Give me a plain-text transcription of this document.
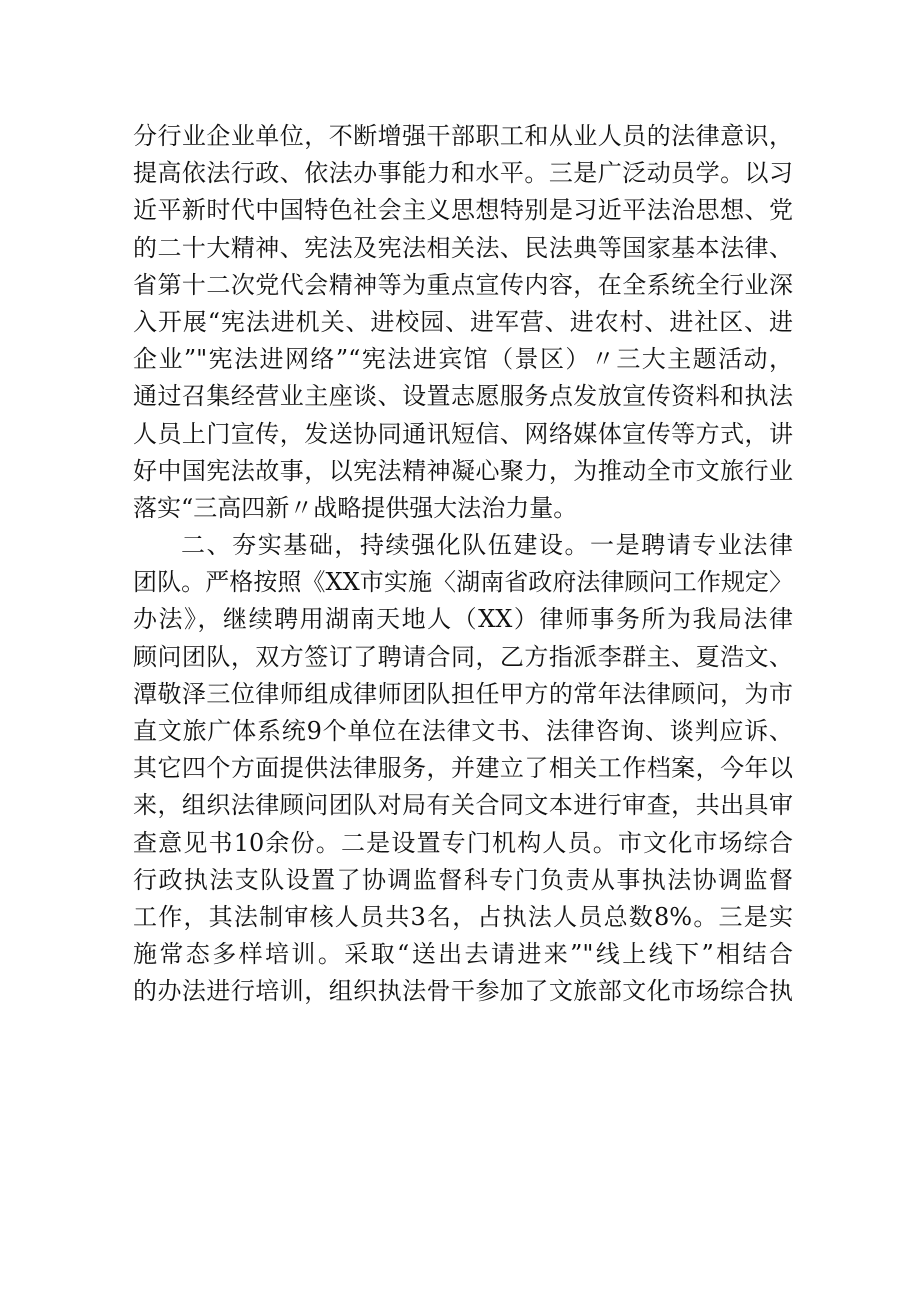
分行业企业单位，不断增强干部职工和从业人员的法律意识，
提高依法行政、依法办事能力和水平。三是广泛动员学。以习
近平新时代中国特色社会主义思想特别是习近平法治思想、党
的二十大精神、宪法及宪法相关法、民法典等国家基本法律、
省第十二次党代会精神等为重点宣传内容，在全系统全行业深
入开展“宪法进机关、进校园、进军营、进农村、进社区、进
企业”"宪法进网络”“宪法进宾馆（景区）〃三大主题活动，
通过召集经营业主座谈、设置志愿服务点发放宣传资料和执法
人员上门宣传，发送协同通讯短信、网络媒体宣传等方式，讲
好中国宪法故事，以宪法精神凝心聚力，为推动全市文旅行业
落实“三高四新〃战略提供强大法治力量。
二、夯实基础，持续强化队伍建设。一是聘请专业法律
团队。严格按照《XX市实施〈湖南省政府法律顾问工作规定〉
办法》，继续聘用湖南天地人（XX）律师事务所为我局法律
顾问团队，双方签订了聘请合同，乙方指派李群主、夏浩文、
潭敬泽三位律师组成律师团队担任甲方的常年法律顾问，为市
直文旅广体系统9个单位在法律文书、法律咨询、谈判应诉、
其它四个方面提供法律服务，并建立了相关工作档案，今年以
来，组织法律顾问团队对局有关合同文本进行审查，共出具审
查意见书10余份。二是设置专门机构人员。市文化市场综合
行政执法支队设置了协调监督科专门负责从事执法协调监督
工作，其法制审核人员共3名，占执法人员总数8%。三是实
施常态多样培训。采取“送出去请进来”"线上线下”相结合
的办法进行培训，组织执法骨干参加了文旅部文化市场综合执
